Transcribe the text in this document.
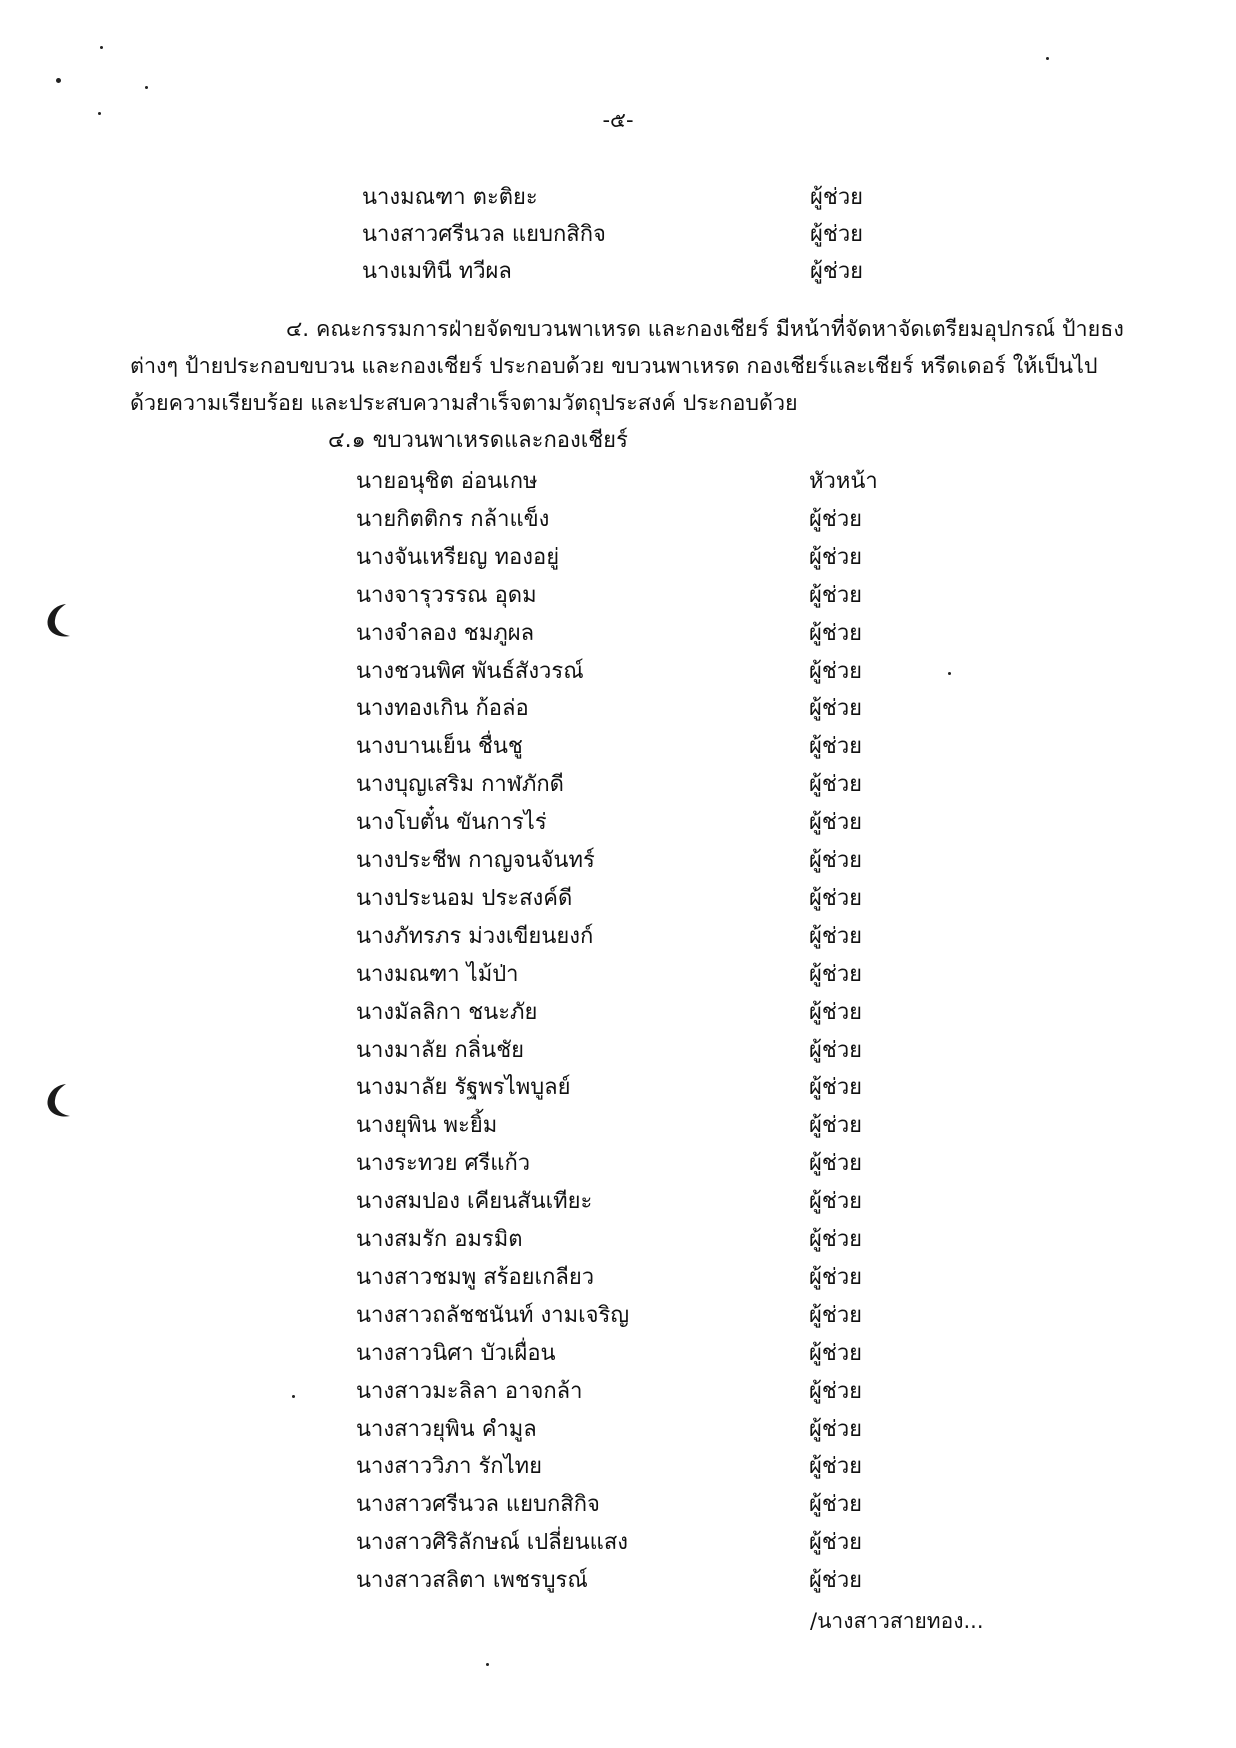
-๕-
นางมณฑา ตะติยะ	ผู้ช่วย
นางสาวศรีนวล แยบกสิกิจ	ผู้ช่วย
นางเมทินี ทวีผล	ผู้ช่วย
๔. คณะกรรมการฝ่ายจัดขบวนพาเหรด และกองเชียร์ มีหน้าที่จัดหาจัดเตรียมอุปกรณ์ ป้ายธง
ต่างๆ ป้ายประกอบขบวน และกองเชียร์ ประกอบด้วย ขบวนพาเหรด กองเชียร์และเชียร์ หรีดเดอร์ ให้เป็นไป
ด้วยความเรียบร้อย และประสบความสำเร็จตามวัตถุประสงค์ ประกอบด้วย
๔.๑ ขบวนพาเหรดและกองเชียร์
นายอนุชิต อ่อนเกษ	หัวหน้า
นายกิตติกร กล้าแข็ง	ผู้ช่วย
นางจันเหรียญ ทองอยู่	ผู้ช่วย
นางจารุวรรณ อุดม	ผู้ช่วย
นางจำลอง ชมภูผล	ผู้ช่วย
นางชวนพิศ พันธ์สังวรณ์	ผู้ช่วย
นางทองเกิน ก้อล่อ	ผู้ช่วย
นางบานเย็น ชื่นชู	ผู้ช่วย
นางบุญเสริม กาฬภักดี	ผู้ช่วย
นางโบตั๋น ขันการไร่	ผู้ช่วย
นางประชีพ กาญจนจันทร์	ผู้ช่วย
นางประนอม ประสงค์ดี	ผู้ช่วย
นางภัทรภร ม่วงเขียนยงก์	ผู้ช่วย
นางมณฑา ไม้ป่า	ผู้ช่วย
นางมัลลิกา ชนะภัย	ผู้ช่วย
นางมาลัย กลิ่นชัย	ผู้ช่วย
นางมาลัย รัฐพรไพบูลย์	ผู้ช่วย
นางยุพิน พะยิ้ม	ผู้ช่วย
นางระทวย ศรีแก้ว	ผู้ช่วย
นางสมปอง เคียนสันเทียะ	ผู้ช่วย
นางสมรัก อมรมิต	ผู้ช่วย
นางสาวชมพู สร้อยเกลียว	ผู้ช่วย
นางสาวถลัชชนันท์ งามเจริญ	ผู้ช่วย
นางสาวนิศา บัวเผื่อน	ผู้ช่วย
นางสาวมะลิลา อาจกล้า	ผู้ช่วย
นางสาวยุพิน คำมูล	ผู้ช่วย
นางสาววิภา รักไทย	ผู้ช่วย
นางสาวศรีนวล แยบกสิกิจ	ผู้ช่วย
นางสาวศิริลักษณ์ เปลี่ยนแสง	ผู้ช่วย
นางสาวสลิตา เพชรบูรณ์	ผู้ช่วย
/นางสาวสายทอง...
